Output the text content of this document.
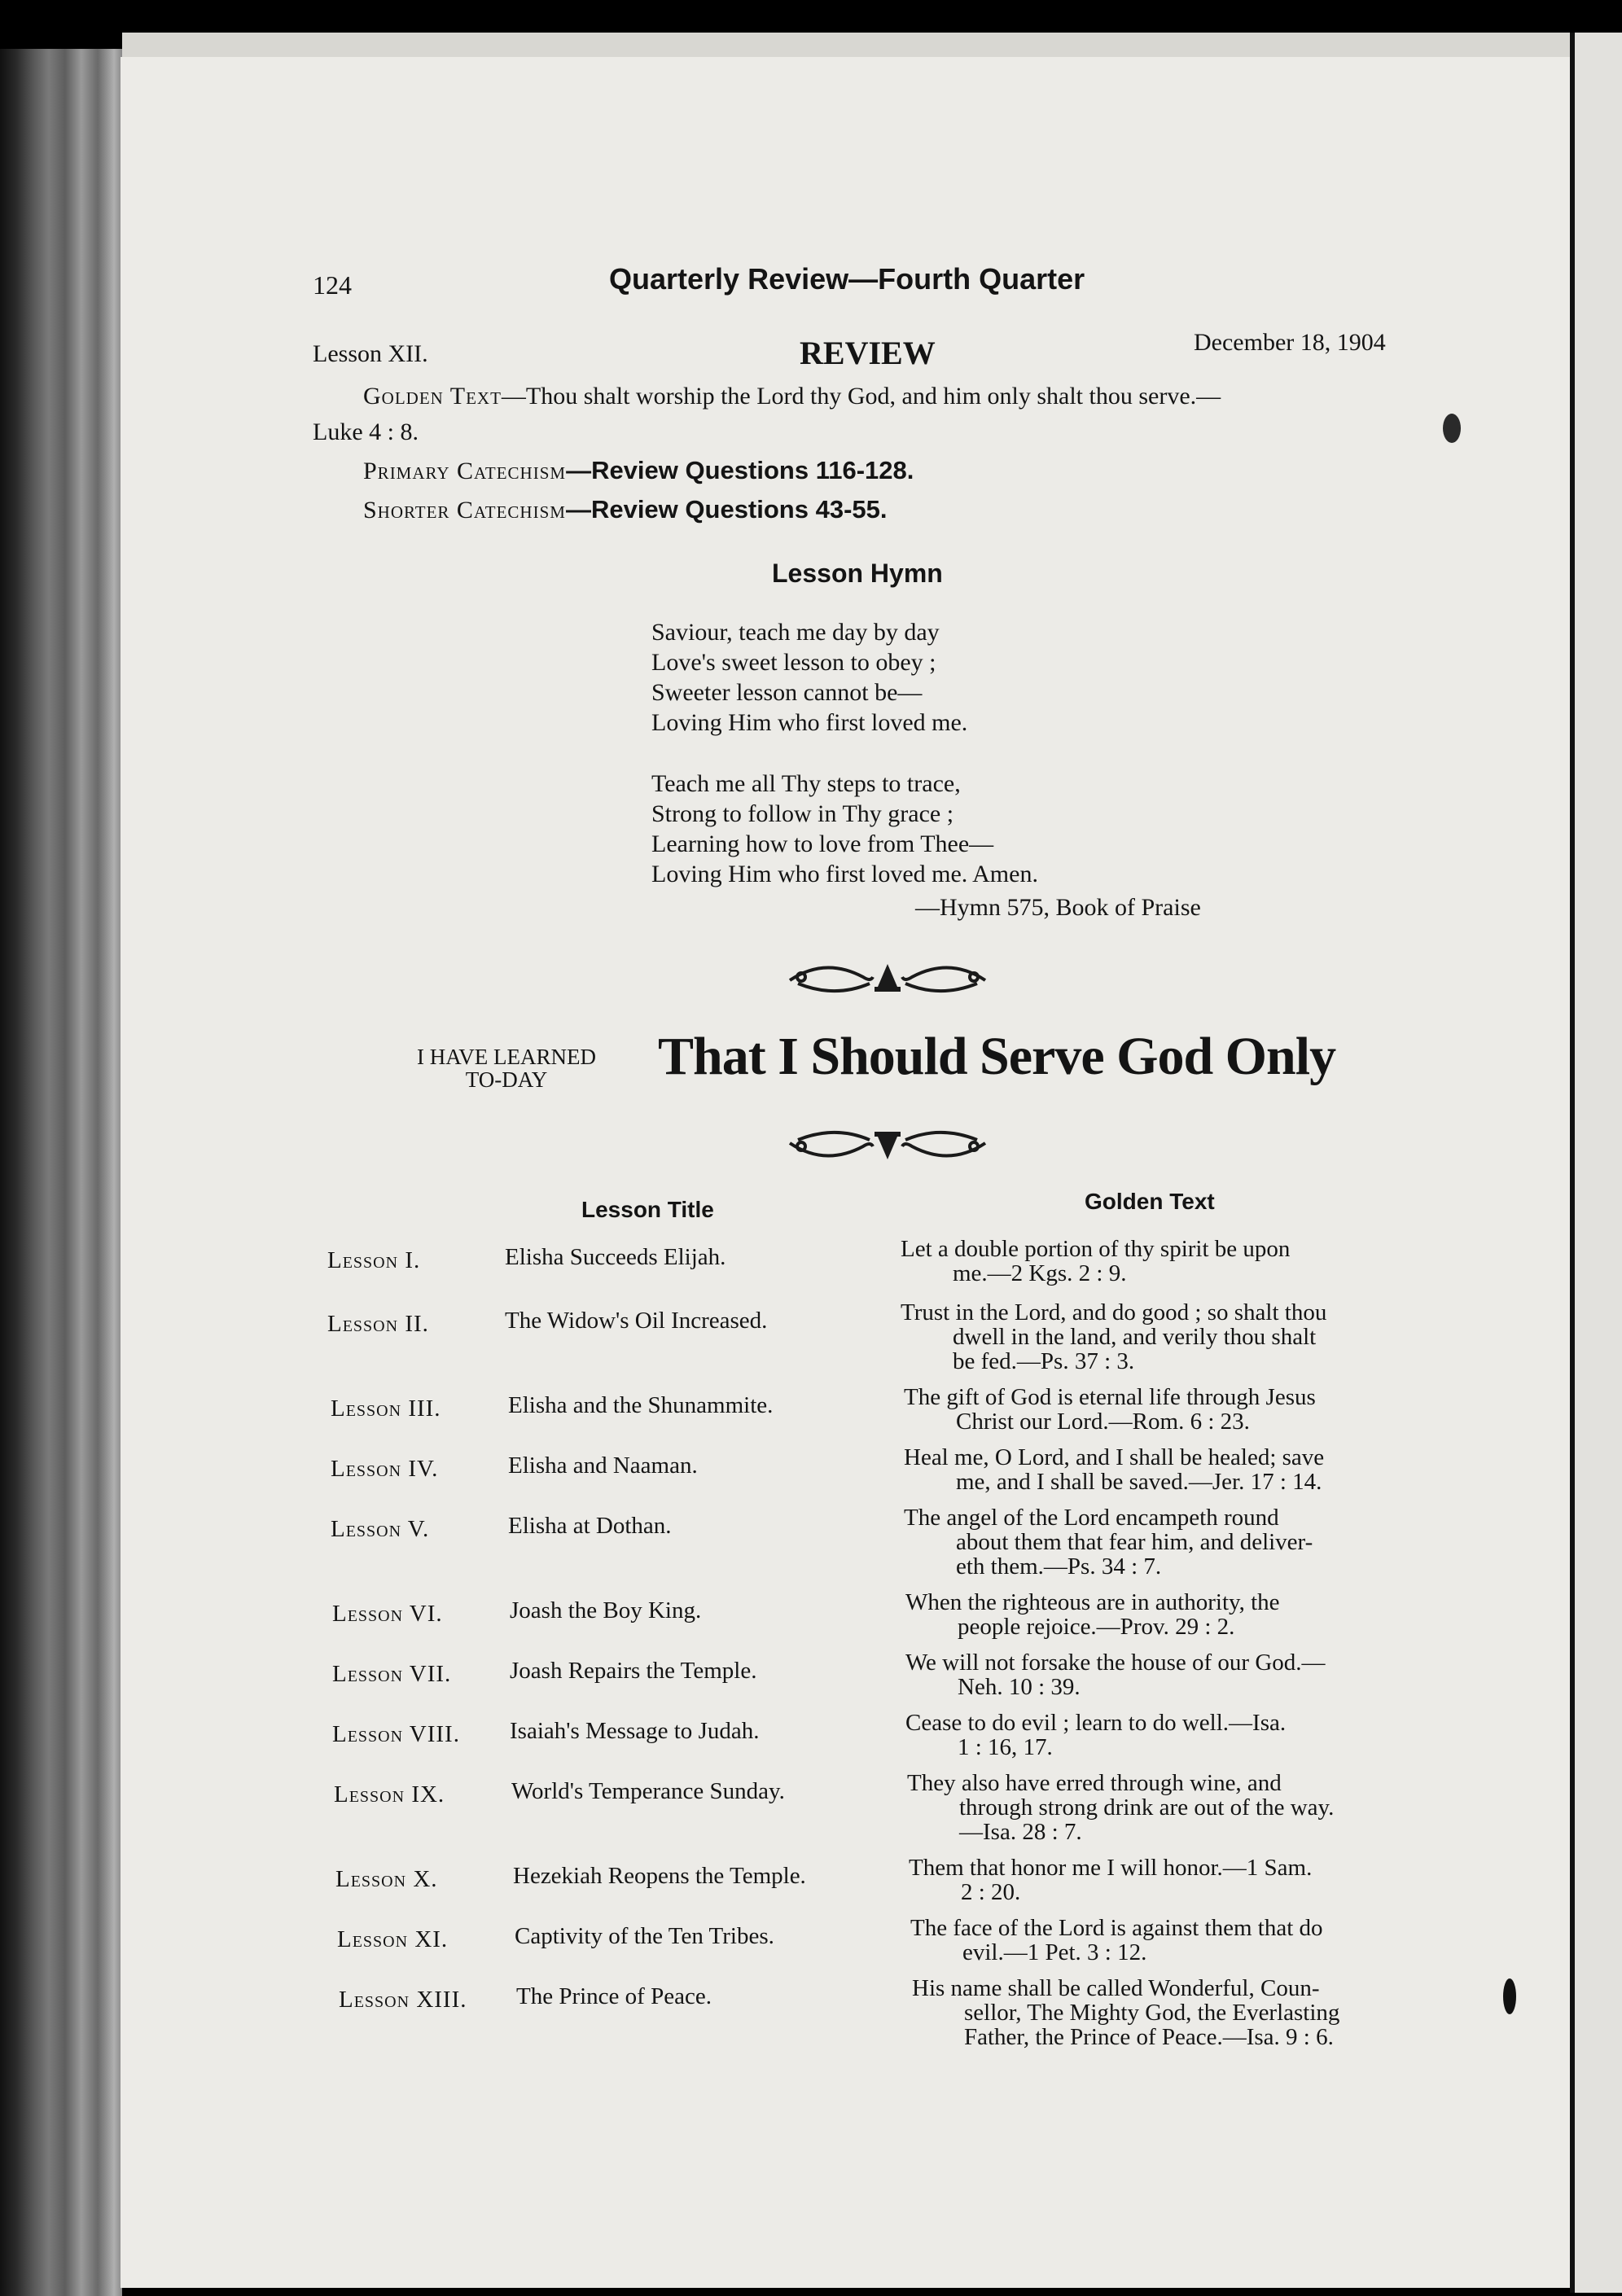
124	Quarterly Review—Fourth Quarter
Lesson XII.	REVIEW	December 18, 1904
Golden Text—Thou shalt worship the Lord thy God, and him only shalt thou serve.—
Luke 4 : 8.
Primary Catechism—Review Questions 116-128.
Shorter Catechism—Review Questions 43-55.
Lesson Hymn
Saviour, teach me day by day
Love's sweet lesson to obey ;
Sweeter lesson cannot be—
Loving Him who first loved me.
Teach me all Thy steps to trace,
Strong to follow in Thy grace ;
Learning how to love from Thee—
Loving Him who first loved me. Amen.
—Hymn 575, Book of Praise
I HAVE LEARNED
TO-DAY	That I Should Serve God Only
Lesson Title	Golden Text
Lesson I.	Elisha Succeeds Elijah.	Let a double portion of thy spirit be upon
me.—2 Kgs. 2 : 9.
Lesson II.	The Widow's Oil Increased.	Trust in the Lord, and do good ; so shalt thou
dwell in the land, and verily thou shalt
be fed.—Ps. 37 : 3.
Lesson III.	Elisha and the Shunammite.	The gift of God is eternal life through Jesus
Christ our Lord.—Rom. 6 : 23.
Lesson IV.	Elisha and Naaman.	Heal me, O Lord, and I shall be healed; save
me, and I shall be saved.—Jer. 17 : 14.
Lesson V.	Elisha at Dothan.	The angel of the Lord encampeth round
about them that fear him, and deliver-
eth them.—Ps. 34 : 7.
Lesson VI.	Joash the Boy King.	When the righteous are in authority, the
people rejoice.—Prov. 29 : 2.
Lesson VII. Joash Repairs the Temple.	We will not forsake the house of our God.—
Neh. 10 : 39.
Lesson VIII. Isaiah's Message to Judah.	Cease to do evil ; learn to do well.—Isa.
1 : 16, 17.
Lesson IX.	World's Temperance Sunday.	They also have erred through wine, and
through strong drink are out of the way.
—Isa. 28 : 7.
Lesson X.	Hezekiah Reopens the Temple.	Them that honor me I will honor.—1 Sam.
2 : 20.
Lesson XI.	Captivity of the Ten Tribes.	The face of the Lord is against them that do
evil.—1 Pet. 3 : 12.
Lesson XIII. The Prince of Peace.	His name shall be called Wonderful, Coun-
sellor, The Mighty God, the Everlasting
Father, the Prince of Peace.—Isa. 9 : 6.
